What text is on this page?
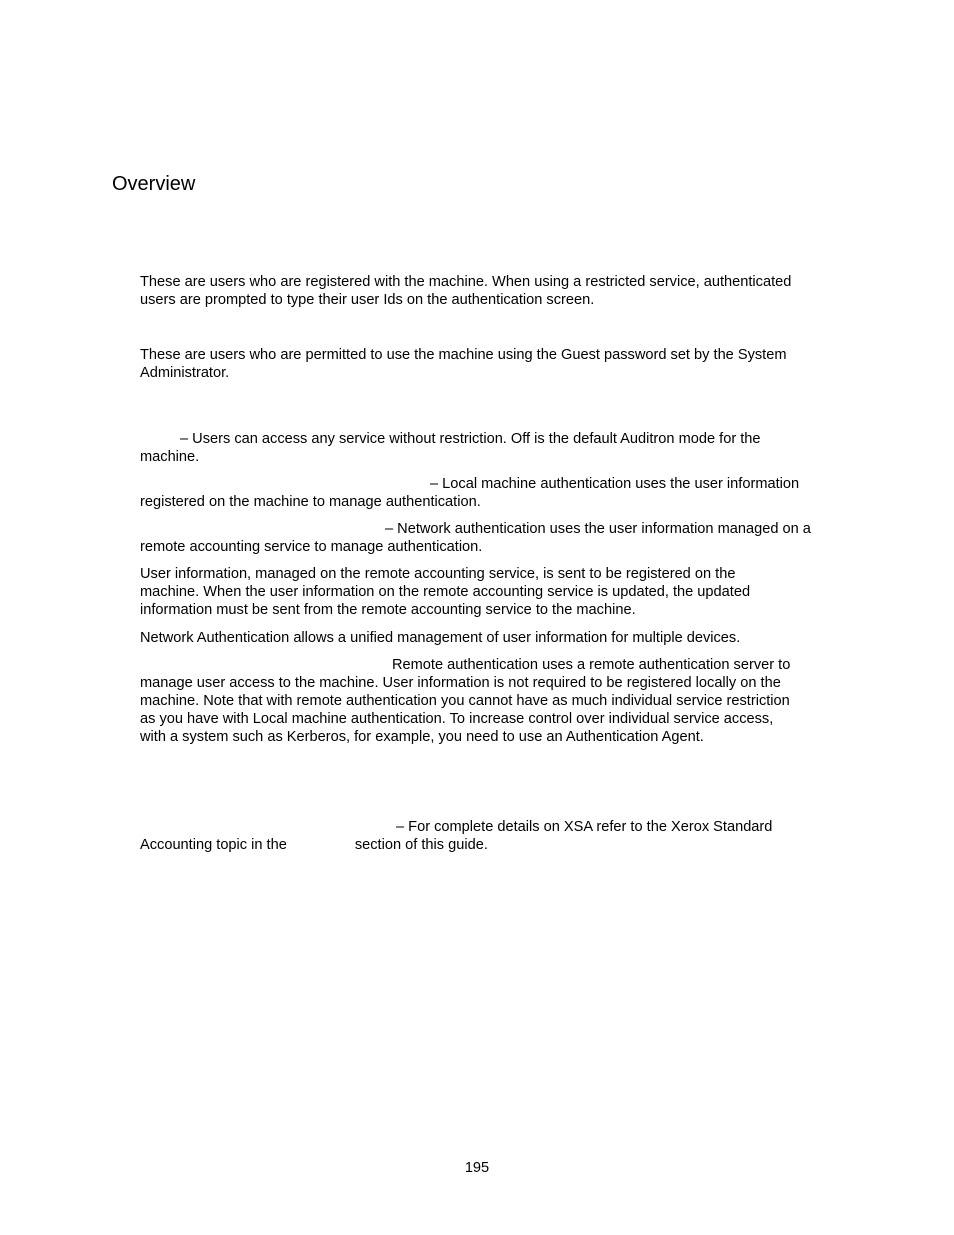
Overview
These are users who are registered with the machine. When using a restricted service, authenticated
users are prompted to type their user Ids on the authentication screen.
These are users who are permitted to use the machine using the Guest password set by the System
Administrator.
– Users can access any service without restriction. Off is the default Auditron mode for the
machine.
– Local machine authentication uses the user information
registered on the machine to manage authentication.
– Network authentication uses the user information managed on a
remote accounting service to manage authentication.
User information, managed on the remote accounting service, is sent to be registered on the
machine. When the user information on the remote accounting service is updated, the updated
information must be sent from the remote accounting service to the machine.
Network Authentication allows a unified management of user information for multiple devices.
Remote authentication uses a remote authentication server to
manage user access to the machine. User information is not required to be registered locally on the
machine. Note that with remote authentication you cannot have as much individual service restriction
as you have with Local machine authentication. To increase control over individual service access,
with a system such as Kerberos, for example, you need to use an Authentication Agent.
– For complete details on XSA refer to the Xerox Standard
Accounting topic in the	section of this guide.
195
